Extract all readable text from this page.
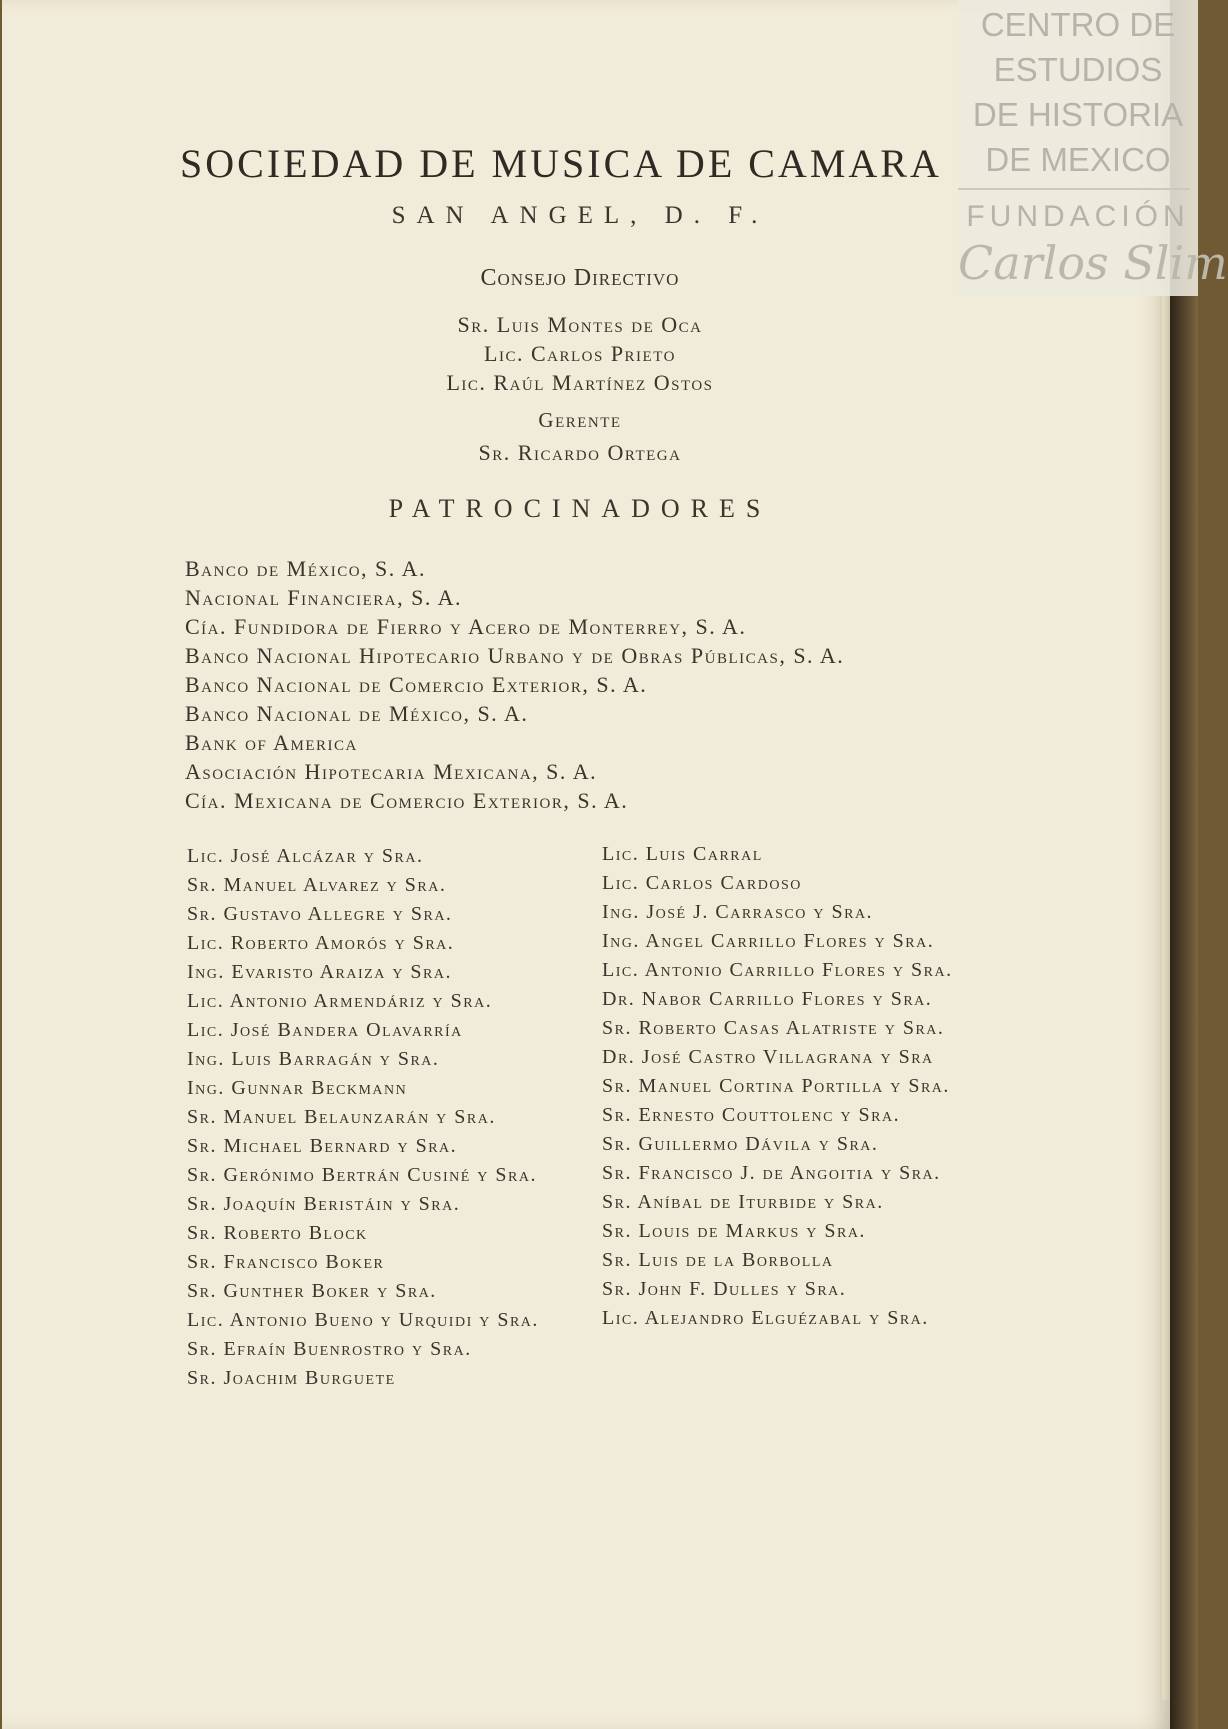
CENTRO DE
ESTUDIOS
DE HISTORIA
DE MEXICO
FUNDACIÓN
Carlos Slim
SOCIEDAD DE MUSICA DE CAMARA
SAN ANGEL, D. F.
Consejo Directivo
Sr. Luis Montes de Oca
Lic. Carlos Prieto
Lic. Raúl Martínez Ostos
Gerente
Sr. Ricardo Ortega
PATROCINADORES
Banco de México, S. A.
Nacional Financiera, S. A.
Cía. Fundidora de Fierro y Acero de Monterrey, S. A.
Banco Nacional Hipotecario Urbano y de Obras Públicas, S. A.
Banco Nacional de Comercio Exterior, S. A.
Banco Nacional de México, S. A.
Bank of America
Asociación Hipotecaria Mexicana, S. A.
Cía. Mexicana de Comercio Exterior, S. A.
Lic. José Alcázar y Sra.
Sr. Manuel Alvarez y Sra.
Sr. Gustavo Allegre y Sra.
Lic. Roberto Amorós y Sra.
Ing. Evaristo Araiza y Sra.
Lic. Antonio Armendáriz y Sra.
Lic. José Bandera Olavarría
Ing. Luis Barragán y Sra.
Ing. Gunnar Beckmann
Sr. Manuel Belaunzarán y Sra.
Sr. Michael Bernard y Sra.
Sr. Gerónimo Bertrán Cusiné y Sra.
Sr. Joaquín Beristáin y Sra.
Sr. Roberto Block
Sr. Francisco Boker
Sr. Gunther Boker y Sra.
Lic. Antonio Bueno y Urquidi y Sra.
Sr. Efraín Buenrostro y Sra.
Sr. Joachim Burguete
Lic. Luis Carral
Lic. Carlos Cardoso
Ing. José J. Carrasco y Sra.
Ing. Angel Carrillo Flores y Sra.
Lic. Antonio Carrillo Flores y Sra.
Dr. Nabor Carrillo Flores y Sra.
Sr. Roberto Casas Alatriste y Sra.
Dr. José Castro Villagrana y Sra
Sr. Manuel Cortina Portilla y Sra.
Sr. Ernesto Couttolenc y Sra.
Sr. Guillermo Dávila y Sra.
Sr. Francisco J. de Angoitia y Sra.
Sr. Aníbal de Iturbide y Sra.
Sr. Louis de Markus y Sra.
Sr. Luis de la Borbolla
Sr. John F. Dulles y Sra.
Lic. Alejandro Elguézabal y Sra.
